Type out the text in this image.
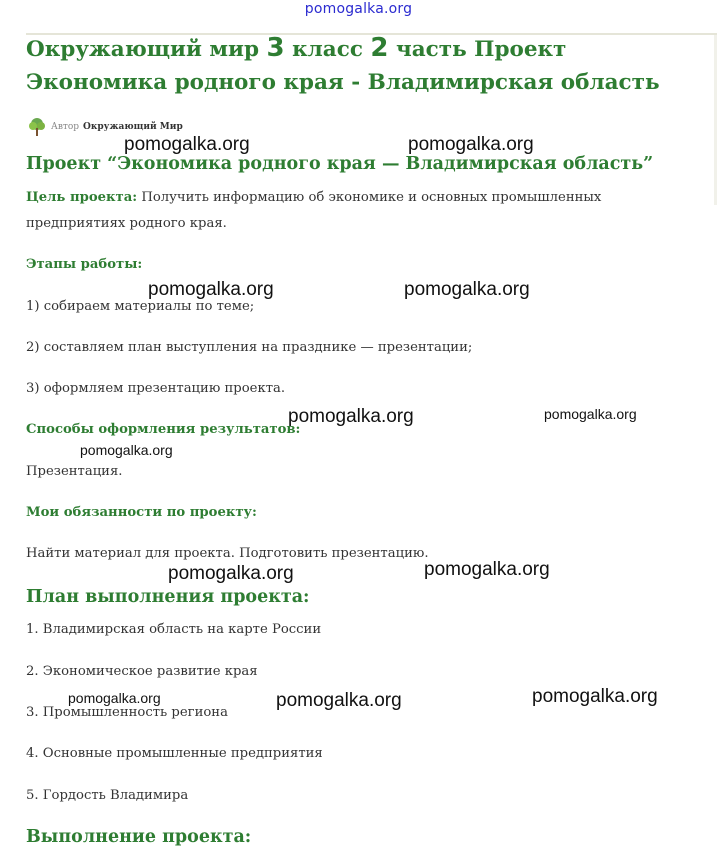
pomogalka.org
Окружающий мир 3 класс 2 часть Проект
Экономика родного края - Владимирская область
Автор Окружающий Мир
Проект “Экономика родного края — Владимирская область”
Цель проекта: Получить информацию об экономике и основных промышленных
предприятиях родного края.
Этапы работы:
1) собираем материалы по теме;
2) составляем план выступления на празднике — презентации;
3) оформляем презентацию проекта.
Способы оформления результатов:
Презентация.
Мои обязанности по проекту:
Найти материал для проекта. Подготовить презентацию.
План выполнения проекта:
1. Владимирская область на карте России
2. Экономическое развитие края
3. Промышленность региона
4. Основные промышленные предприятия
5. Гордость Владимира
Выполнение проекта:
pomogalka.org	pomogalka.org
pomogalka.org	pomogalka.org
pomogalka.org	pomogalka.org
pomogalka.org
pomogalka.org	pomogalka.org
pomogalka.org	pomogalka.org	pomogalka.org
